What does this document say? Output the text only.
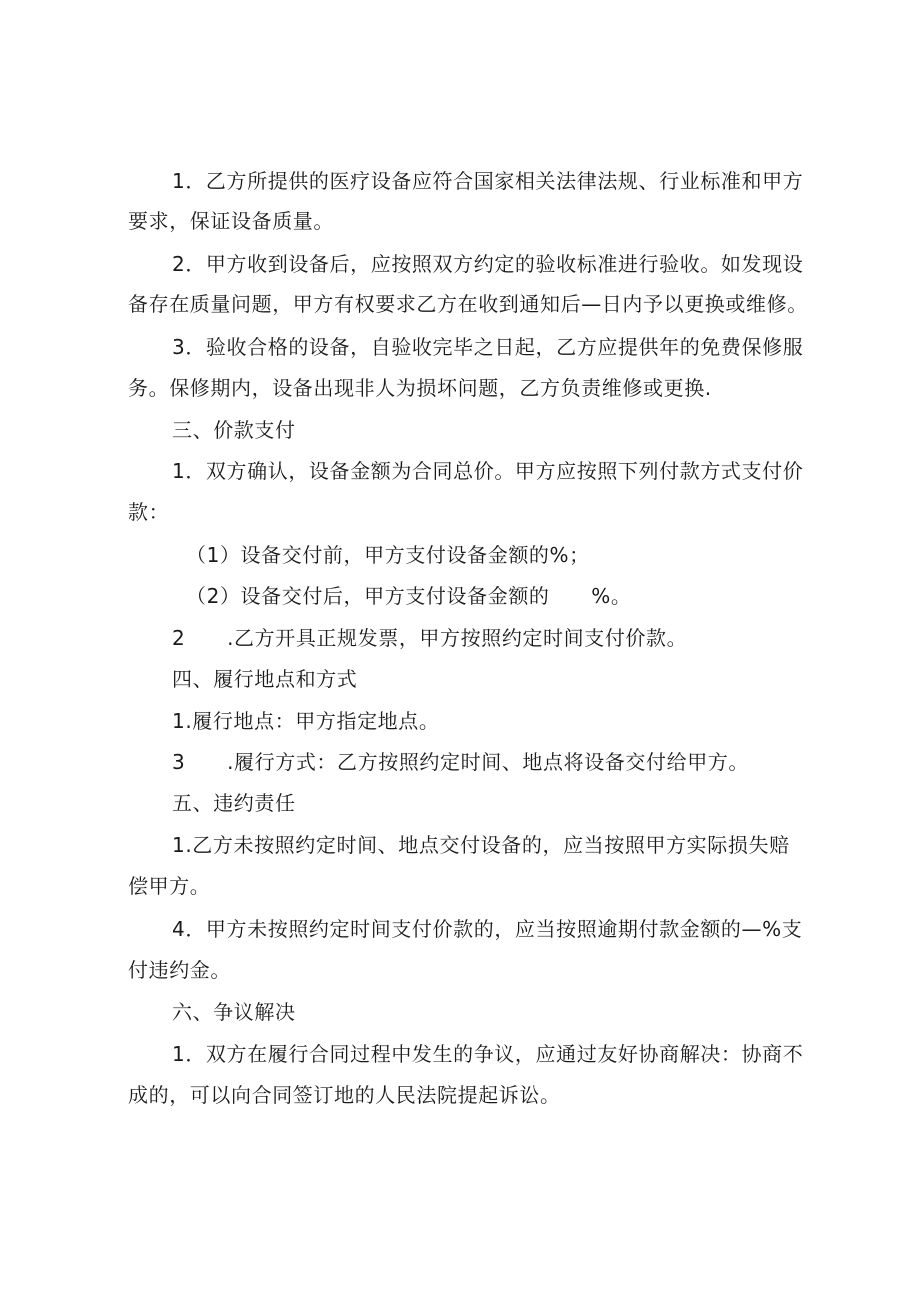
1．乙方所提供的医疗设备应符合国家相关法律法规、行业标准和甲方
要求，保证设备质量。
2．甲方收到设备后，应按照双方约定的验收标准进行验收。如发现设
备存在质量问题，甲方有权要求乙方在收到通知后—日内予以更换或维修。
3．验收合格的设备，自验收完毕之日起，乙方应提供年的免费保修服
务。保修期内，设备出现非人为损坏问题，乙方负责维修或更换.
三、价款支付
1．双方确认，设备金额为合同总价。甲方应按照下列付款方式支付价
款：
（1）设备交付前，甲方支付设备金额的%；
（2）设备交付后，甲方支付设备金额的      %。
2      .乙方开具正规发票，甲方按照约定时间支付价款。
四、履行地点和方式
1.履行地点：甲方指定地点。
3      .履行方式：乙方按照约定时间、地点将设备交付给甲方。
五、违约责任
1.乙方未按照约定时间、地点交付设备的，应当按照甲方实际损失赔
偿甲方。
4．甲方未按照约定时间支付价款的，应当按照逾期付款金额的—%支
付违约金。
六、争议解决
1．双方在履行合同过程中发生的争议，应通过友好协商解决：协商不
成的，可以向合同签订地的人民法院提起诉讼。
